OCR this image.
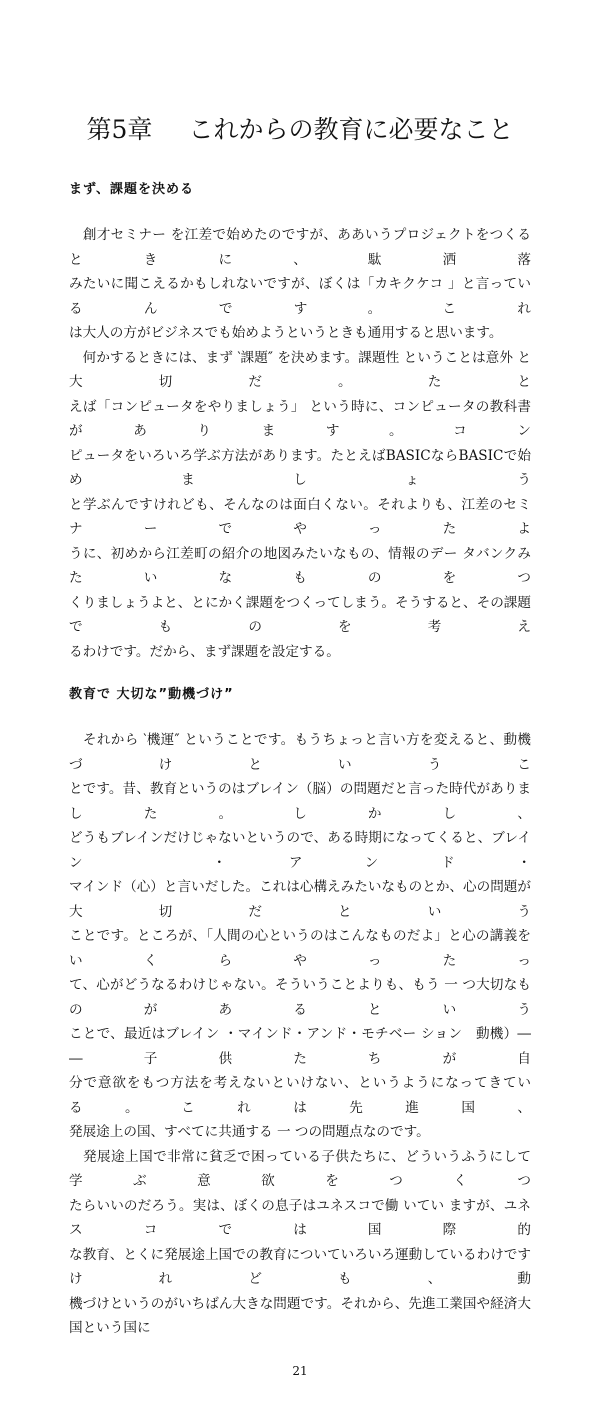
第5章 これからの教育に必要なこと
まず、課題を決める
　創才セミナー を江差で始めたのですが、ああいうプロジェクトをつくるときに、駄洒落
みたいに聞こえるかもしれないですが、ぼくは「カキクケコ 」と言っているんです。これ
は大人の方がビジネスでも始めようというときも通用すると思います。
　何かするときには、まず ‵課題″ を決めます。課題性 ということは意外 と大切だ。たと
えば「コンピュータをやりましょう」 という時に、コンピュータの教科書があります。コン
ピュータをいろいろ学ぶ方法があります。たとえばBASICならBASICで始めましょう
と学ぶんですけれども、そんなのは面白くない。それよりも、江差のセミナーでやったよ
うに、初めから江差町の紹介の地図みたいなもの、情報のデー タバンクみたいなものをつ
くりましょうよと、とにかく課題をつくってしまう。そうすると、その課題でものを考え
るわけです。だから、まず課題を設定する。
教育で 大切な”動機づけ”
　それから ‵機運″ ということです。もうちょっと言い方を変えると、動機づけというこ
とです。昔、教育というのはブレイン（脳）の問題だと言った時代がありました。しかし、
どうもブレインだけじゃないというので、ある時期になってくると、ブレイン ・アンド・
マインド（心）と言いだした。これは心構えみたいなものとか、心の問題が大切だという
ことです。ところが、「人間の心というのはこんなものだよ」と心の講義をいくらやったっ
て、心がどうなるわけじゃない。そういうことよりも、もう 一 つ大切なものがあるという
ことで、最近はブレイン ・マインド・アンド・モチベー ション　動機）――子供たちが自
分で意欲をもつ方法を考えないといけない、というようになってきている。これは先進国、
発展途上の国、すべてに共通する 一 つの問題点なのです。
　発展途上国で非常に貧乏で困っている子供たちに、どういうふうにして学ぶ意欲をつくつ
たらいいのだろう。実は、ぼくの息子はユネスコで働 いてい ますが、ユネスコでは国際的
な教育、とくに発展途上国での教育についていろいろ運動しているわけですけれども、動
機づけというのがいちばん大きな問題です。それから、先進工業国や経済大国という国に
21
